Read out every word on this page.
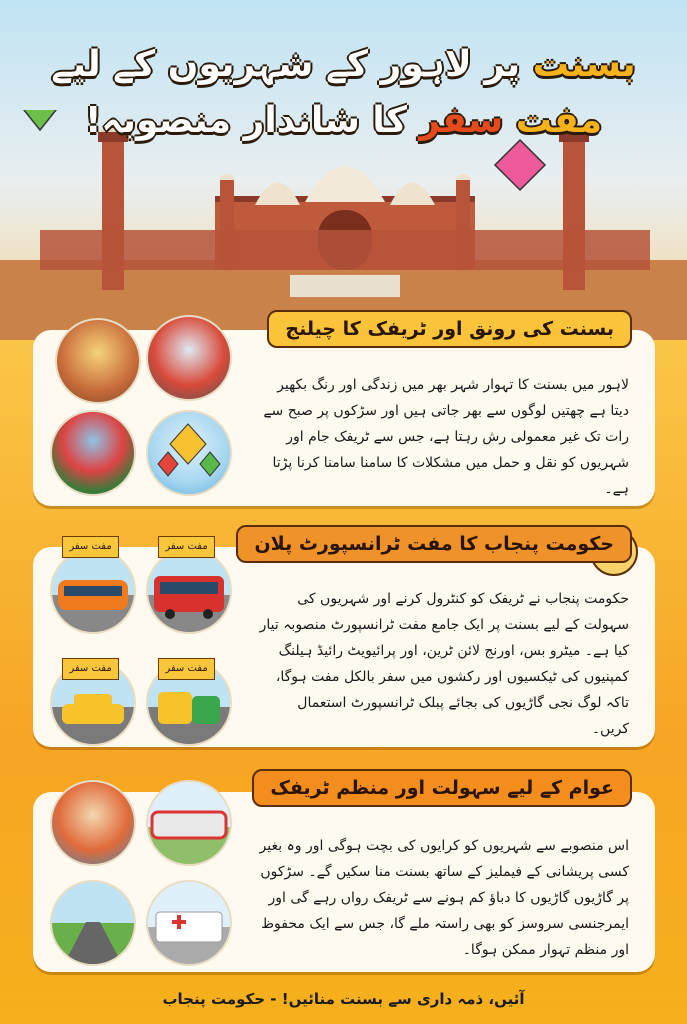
بسنت پر لاہور کے شہریوں کے لیے
مفت سفر کا شاندار منصوبہ!
بسنت کی رونق اور ٹریفک کا چیلنج
لاہور میں بسنت کا تہوار شہر بھر میں زندگی اور رنگ بکھیر دیتا ہے چھتیں لوگوں سے بھر جاتی ہیں اور سڑکوں پر صبح سے رات تک غیر معمولی رش رہتا ہے، جس سے ٹریفک جام اور شہریوں کو نقل و حمل میں مشکلات کا سامنا سامنا کرنا پڑتا ہے۔
مفت سفر	مفت سفر
مفت سفر	مفت سفر
حکومت پنجاب کا مفت ٹرانسپورٹ پلان
حکومت پنجاب نے ٹریفک کو کنٹرول کرنے اور شہریوں کی سہولت کے لیے بسنت پر ایک جامع مفت ٹرانسپورٹ منصوبہ تیار کیا ہے۔ میٹرو بس، اورنج لائن ٹرین، اور پرائیویٹ رائیڈ ہیلنگ کمپنیوں کی ٹیکسیوں اور رکشوں میں سفر بالکل مفت ہوگا، تاکہ لوگ نجی گاڑیوں کی بجائے پبلک ٹرانسپورٹ استعمال کریں۔
عوام کے لیے سہولت اور منظم ٹریفک
اس منصوبے سے شہریوں کو کرایوں کی بچت ہوگی اور وہ بغیر کسی پریشانی کے فیملیز کے ساتھ بسنت منا سکیں گے۔ سڑکوں پر گاڑیوں گاڑیوں کا دباؤ کم ہونے سے ٹریفک رواں رہے گی اور ایمرجنسی سروسز کو بھی راستہ ملے گا، جس سے ایک محفوظ اور منظم تہوار ممکن ہوگا۔
آئیں، ذمہ داری سے بسنت منائیں! - حکومت پنجاب
